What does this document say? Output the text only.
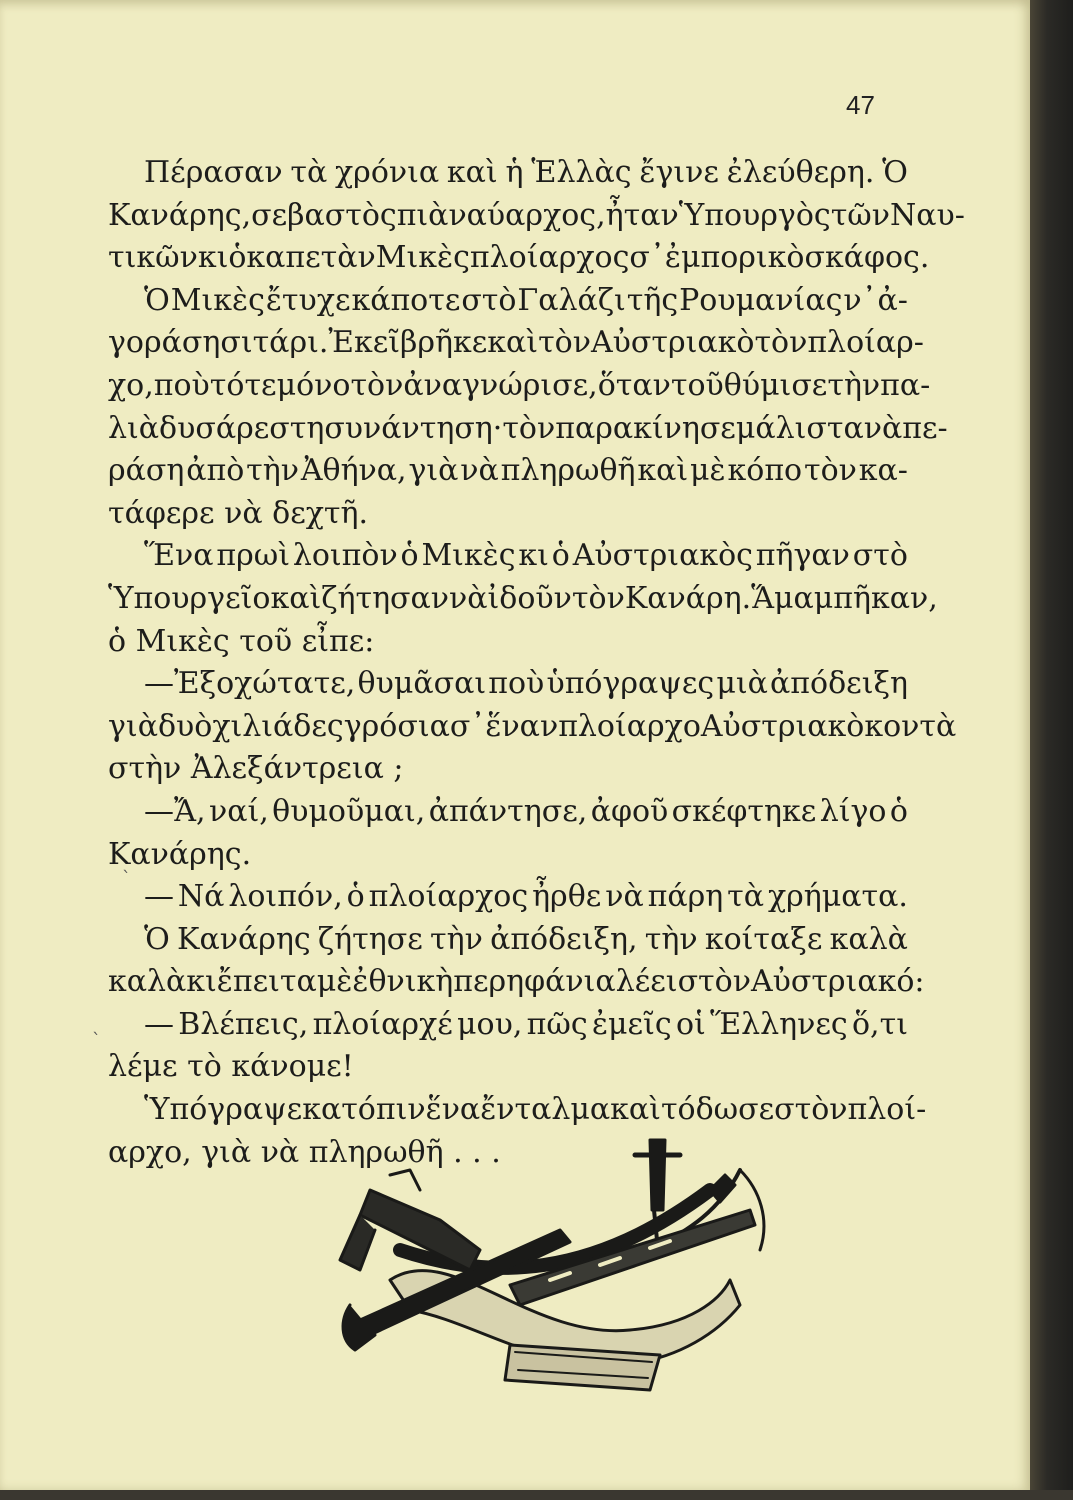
47
Πέρασαν τὰ χρόνια καὶ ἡ Ἑλλὰς ἔγινε ἐλεύθερη. Ὁ
Κανάρης, σεβαστὸς πιὰ ναύαρχος, ἦταν Ὑπουργὸς τῶν Ναυ-
τικῶν κι ὁ καπετὰν Μικὲς πλοίαρχος σ᾽ ἐμπορικὸ σκάφος.
Ὁ Μικὲς ἔτυχε κάποτε στὸ Γαλάζι τῆς Ρουμανίας ν᾽ ἀ-
γοράση σιτάρι. Ἐκεῖ βρῆκε καὶ τὸν Αὐστριακὸ τὸν πλοίαρ-
χο, ποὺ τότε μόνο τὸν ἀναγνώρισε, ὅταν τοῦ θύμισε τὴν πα-
λιὰ δυσάρεστη συνάντηση· τὸν παρακίνησε μάλιστα νὰ πε-
ράση ἀπὸ τὴν Ἀθήνα, γιὰ νὰ πληρωθῆ καὶ μὲ κόπο τὸν κα-
τάφερε νὰ δεχτῆ.
Ἕνα πρωὶ λοιπὸν ὁ Μικὲς κι ὁ Αὐστριακὸς πῆγαν στὸ
Ὑπουργεῖο καὶ ζήτησαν νὰ ἰδοῦν τὸν Κανάρη. Ἅμα μπῆκαν,
ὁ Μικὲς τοῦ εἶπε:
—Ἐξοχώτατε, θυμᾶσαι ποὺ ὑπόγραψες μιὰ ἀπόδειξη
γιὰ δυὸ χιλιάδες γρόσια σ᾽ ἕναν πλοίαρχο Αὐστριακὸ κοντὰ
στὴν Ἀλεξάντρεια ;
—Ἄ, ναί, θυμοῦμαι, ἀπάντησε, ἀφοῦ σκέφτηκε λίγο ὁ
Κανάρης.
— Νά λοιπόν, ὁ πλοίαρχος ἦρθε νὰ πάρη τὰ χρήματα.
Ὁ Κανάρης ζήτησε τὴν ἀπόδειξη, τὴν κοίταξε καλὰ
καλὰ κι ἔπειτα μὲ ἐθνικὴ περηφάνια λέει στὸν Αὐστριακό:
— Βλέπεις, πλοίαρχέ μου, πῶς ἐμεῖς οἱ Ἕλληνες ὅ,τι
λέμε τὸ κάνομε!
Ὑπόγραψε κατόπιν ἕνα ἔνταλμα καὶ τόδωσε στὸν πλοί-
αρχο, γιὰ νὰ πληρωθῆ . . .
ˋ
ˋ
